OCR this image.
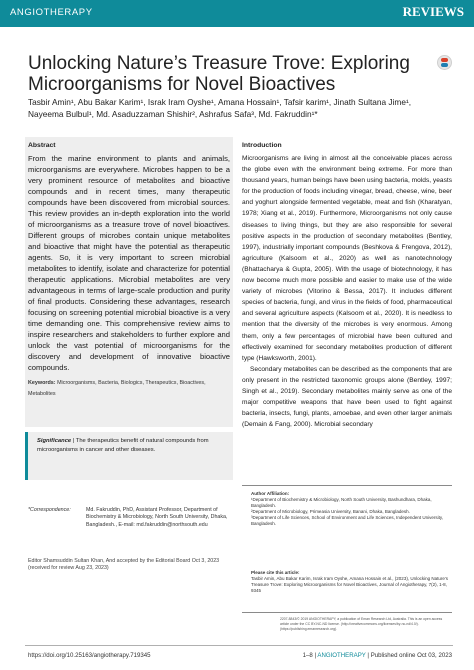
ANGIOTHERAPY	REVIEWS
Unlocking Nature’s Treasure Trove: Exploring Microorganisms for Novel Bioactives
Tasbir Amin¹, Abu Bakar Karim¹, Israk Iram Oyshe¹, Amana Hossain¹, Tafsir karim¹, Jinath Sultana Jime¹, Nayeema Bulbul¹, Md. Asaduzzaman Shishir², Ashrafus Safa³, Md. Fakruddin¹*
Abstract
From the marine environment to plants and animals, microorganisms are everywhere. Microbes happen to be a very prominent resource of metabolites and bioactive compounds and in recent times, many therapeutic compounds have been discovered from microbial sources. This review provides an in-depth exploration into the world of microorganisms as a treasure trove of novel bioactives. Different groups of microbes contain unique metabolites and bioactive that might have the potential as therapeutic agents. So, it is very important to screen microbial metabolites to identify, isolate and characterize for potential therapeutic applications. Microbial metabolites are very advantageous in terms of large-scale production and purity of final products. Considering these advantages, research focusing on screening potential microbial bioactive is a very time demanding one. This comprehensive review aims to inspire researchers and stakeholders to further explore and unlock the vast potential of microorganisms for the discovery and development of innovative bioactive compounds.
Keywords: Microorganisms, Bacteria, Biologics, Therapeutics, Bioactives, Metabolites
Significance | The therapeutics benefit of natural compounds from microorganisms in cancer and other diseases.
*Correspondence:	Md. Fakruddin, PhD, Assistant Professor, Department of Biochemistry & Microbiology, North South University, Dhaka, Bangladesh., E-mail: md.fakruddin@northsouth.edu
Editor Shamsuddin Sultan Khan, And accepted by the Editorial Board Oct 3, 2023 (received for review Aug 23, 2023)
Introduction

Microorganisms are living in almost all the conceivable places across the globe even with the environment being extreme. For more than thousand years, human beings have been using bacteria, molds, yeasts for the production of foods including vinegar, bread, cheese, wine, beer and yoghurt alongside fermented vegetable, meat and fish (Kharatyan, 1978; Xiang et al., 2019). Furthermore, Microorganisms not only cause diseases to living things, but they are also responsible for several positive aspects in the production of secondary metabolites (Bentley, 1997), industrially important compounds (Beshkova & Frengova, 2012), agriculture (Kalsoom et al., 2020) as well as nanotechnology (Bhattacharya & Gupta, 2005). With the usage of biotechnology, it has now become much more possible and easier to make use of the wide variety of microbes (Vitorino & Bessa, 2017). It includes different species of bacteria, fungi, and virus in the fields of food, pharmaceutical and several agriculture aspects (Kalsoom et al., 2020). It is needless to mention that the diversity of the microbes is very enormous. Among them, only a few percentages of microbial have been cultured and effectively examined for secondary metabolites production of different type (Hawksworth, 2001).

Secondary metabolites can be described as the components that are only present in the restricted taxonomic groups alone (Bentley, 1997; Singh et al., 2019). Secondary metabolites mainly serve as one of the major competitive weapons that have been used to fight against bacteria, insects, fungi, plants, amoebae, and even other larger animals (Demain & Fang, 2000). Microbial secondary

Author Affiliation:
¹Department of Biochemistry & Microbiology, North South University, Bashundhara, Dhaka, Bangladesh.
²Department of Microbiology, Primeasia University, Banani, Dhaka, Bangladesh.
³Department of Life Sciences, School of Environment and Life Sciences, Independent University, Bangladesh.
Please cite this article:
Tasbir Amin, Abu Bakar Karim, Israk Iram Oyshe, Amana Hossain et al., (2023), Unlocking Nature’s Treasure Trove: Exploring Microorganisms for Novel Bioactives, Journal of Angiotherapy, 7(2), 1-8, 9345
2207-8843/© 2019 ANGIOTHERAPY, a publication of Eman Research Ltd, Australia. This is an open access article under the CC BY-NC-ND license. (http://creativecommons.org/licenses/by-nc-nd/4.0/). (https://publishing.emanresearch.org).
https://doi.org/10.25163/angiotherapy.719345	1–8 | ANGIOTHERAPY | Published online Oct 03, 2023
